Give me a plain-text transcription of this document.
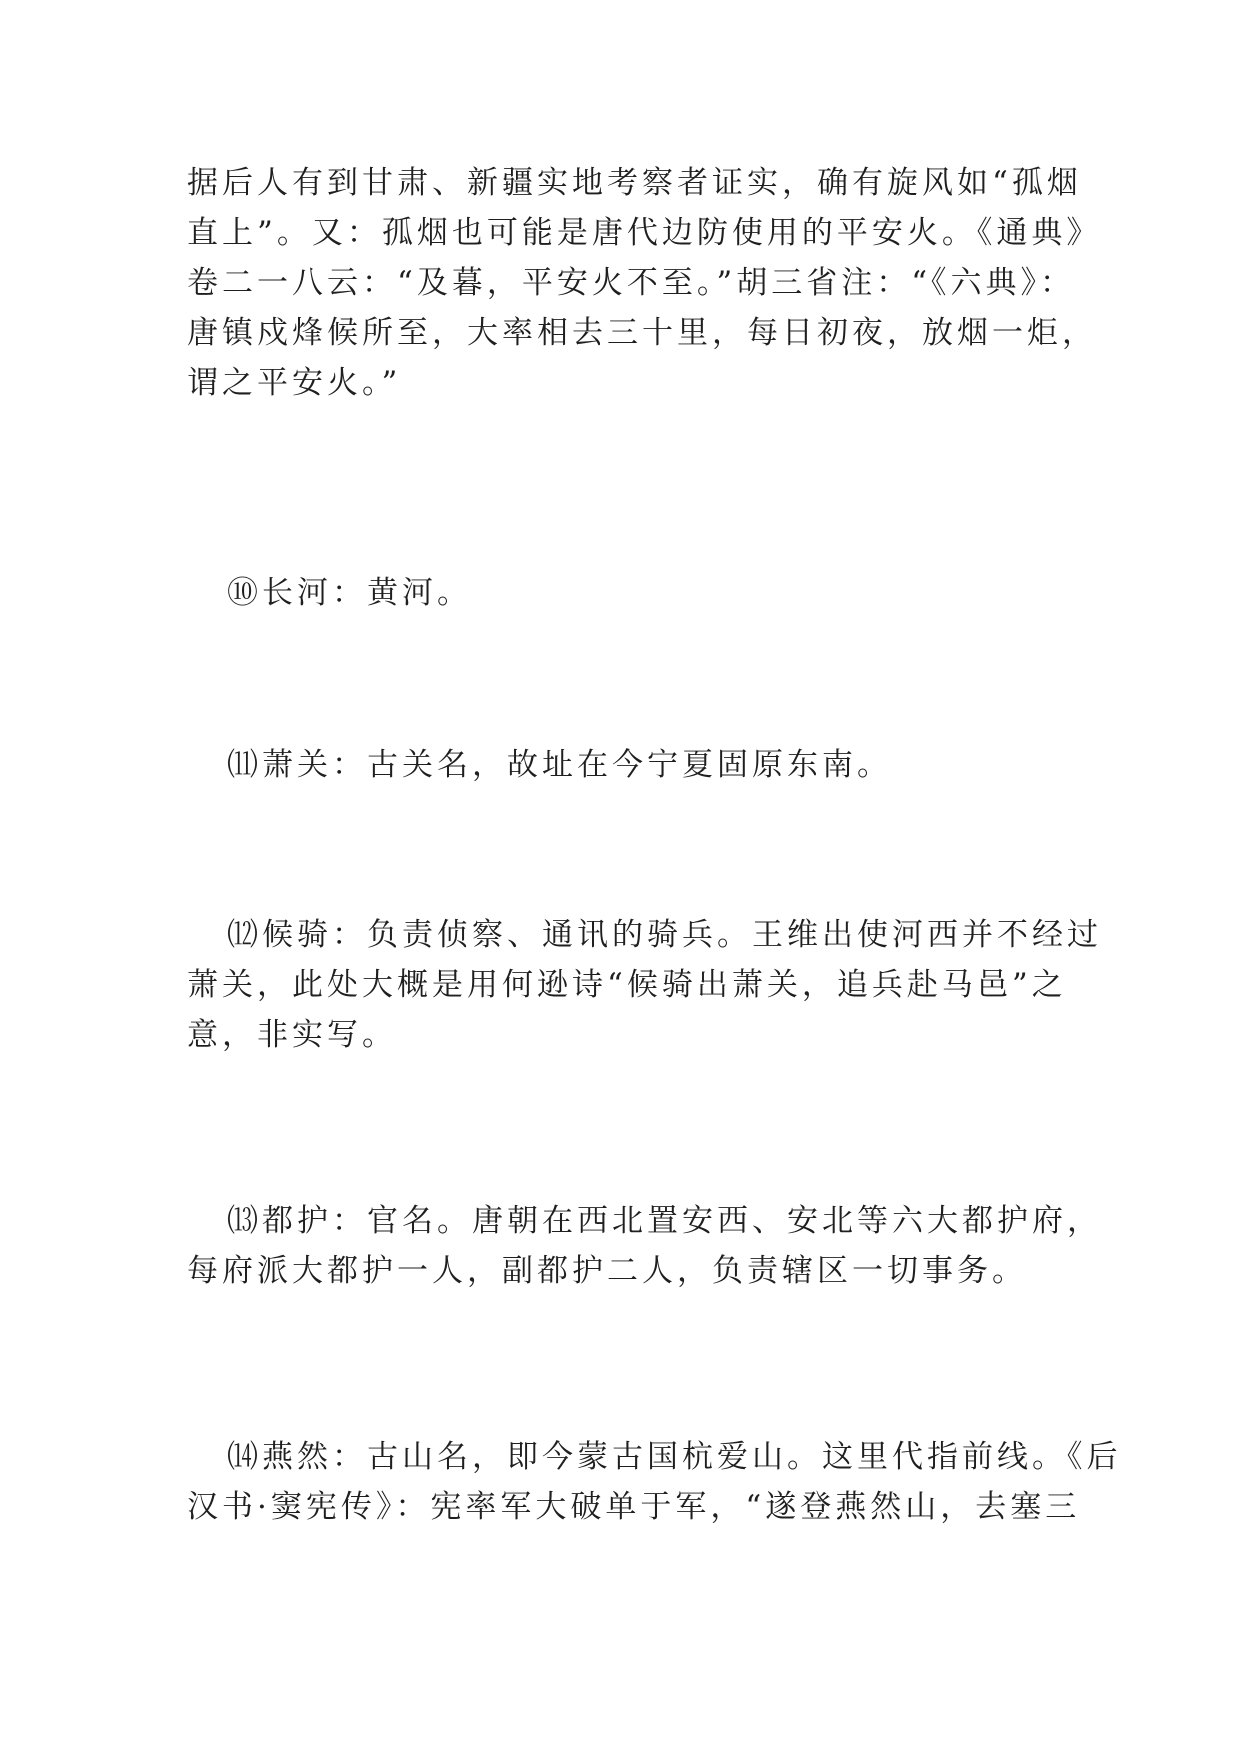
据后人有到甘肃、新疆实地考察者证实，确有旋风如“孤烟
直上”。又：孤烟也可能是唐代边防使用的平安火。《通典》
卷二一八云：“及暮，平安火不至。”胡三省注：“《六典》：
唐镇戍烽候所至，大率相去三十里，每日初夜，放烟一炬，
谓之平安火。”
⑩长河：黄河。
⑾萧关：古关名，故址在今宁夏固原东南。
⑿候骑：负责侦察、通讯的骑兵。王维出使河西并不经过
萧关，此处大概是用何逊诗“候骑出萧关，追兵赴马邑”之
意，非实写。
⒀都护：官名。唐朝在西北置安西、安北等六大都护府，
每府派大都护一人，副都护二人，负责辖区一切事务。
⒁燕然：古山名，即今蒙古国杭爱山。这里代指前线。《后
汉书·窦宪传》：宪率军大破单于军，“遂登燕然山，去塞三
